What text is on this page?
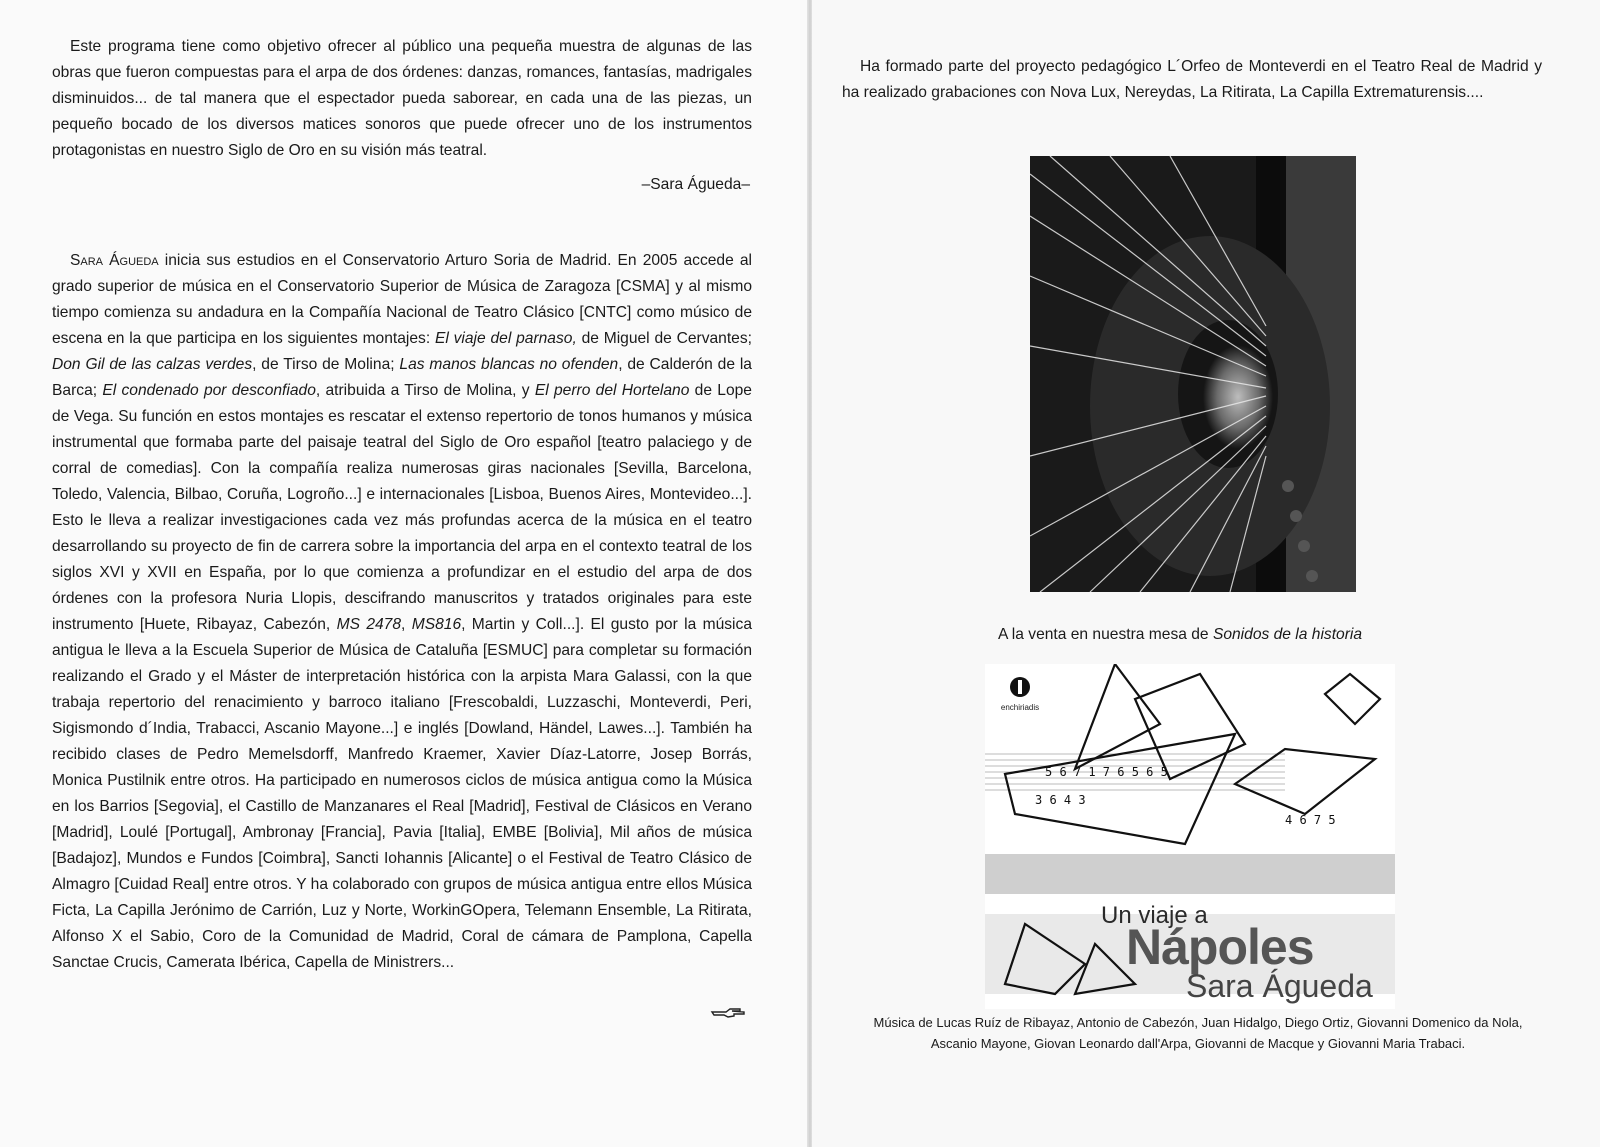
Este programa tiene como objetivo ofrecer al público una pequeña muestra de algunas de las obras que fueron compuestas para el arpa de dos órdenes: danzas, romances, fantasías, madrigales disminuidos... de tal manera que el espectador pueda saborear, en cada una de las piezas, un pequeño bocado de los diversos matices sonoros que puede ofrecer uno de los instrumentos protagonistas en nuestro Siglo de Oro en su visión más teatral.

–Sara Águeda–

Sara Águeda inicia sus estudios en el Conservatorio Arturo Soria de Madrid. En 2005 accede al grado superior de música en el Conservatorio Superior de Música de Zaragoza [CSMA] y al mismo tiempo comienza su andadura en la Compañía Nacional de Teatro Clásico [CNTC] como músico de escena en la que participa en los siguientes montajes: El viaje del parnaso, de Miguel de Cervantes; Don Gil de las calzas verdes, de Tirso de Molina; Las manos blancas no ofenden, de Calderón de la Barca; El condenado por desconfiado, atribuida a Tirso de Molina, y El perro del Hortelano de Lope de Vega. Su función en estos montajes es rescatar el extenso repertorio de tonos humanos y música instrumental que formaba parte del paisaje teatral del Siglo de Oro español [teatro palaciego y de corral de comedias]. Con la compañía realiza numerosas giras nacionales [Sevilla, Barcelona, Toledo, Valencia, Bilbao, Coruña, Logroño...] e internacionales [Lisboa, Buenos Aires, Montevideo...]. Esto le lleva a realizar investigaciones cada vez más profundas acerca de la música en el teatro desarrollando su proyecto de fin de carrera sobre la importancia del arpa en el contexto teatral de los siglos XVI y XVII en España, por lo que comienza a profundizar en el estudio del arpa de dos órdenes con la profesora Nuria Llopis, descifrando manuscritos y tratados originales para este instrumento [Huete, Ribayaz, Cabezón, MS 2478, MS816, Martin y Coll...]. El gusto por la música antigua le lleva a la Escuela Superior de Música de Cataluña [ESMUC] para completar su formación realizando el Grado y el Máster de interpretación histórica con la arpista Mara Galassi, con la que trabaja repertorio del renacimiento y barroco italiano [Frescobaldi, Luzzaschi, Monteverdi, Peri, Sigismondo d´India, Trabacci, Ascanio Mayone...] e inglés [Dowland, Händel, Lawes...]. También ha recibido clases de Pedro Memelsdorff, Manfredo Kraemer, Xavier Díaz-Latorre, Josep Borrás, Monica Pustilnik entre otros. Ha participado en numerosos ciclos de música antigua como la Música en los Barrios [Segovia], el Castillo de Manzanares el Real [Madrid], Festival de Clásicos en Verano [Madrid], Loulé [Portugal], Ambronay [Francia], Pavia [Italia], EMBE [Bolivia], Mil años de música [Badajoz], Mundos e Fundos [Coimbra], Sancti Iohannis [Alicante] o el Festival de Teatro Clásico de Almagro [Cuidad Real] entre otros. Y ha colaborado con grupos de música antigua entre ellos Música Ficta, La Capilla Jerónimo de Carrión, Luz y Norte, WorkinGOpera, Telemann Ensemble, La Ritirata, Alfonso X el Sabio, Coro de la Comunidad de Madrid, Coral de cámara de Pamplona, Capella Sanctae Crucis, Camerata Ibérica, Capella de Ministrers...

Ha formado parte del proyecto pedagógico L´Orfeo de Monteverdi en el Teatro Real de Madrid y ha realizado grabaciones con Nova Lux, Nereydas, La Ritirata, La Capilla Extrematurensis....

A la venta en nuestra mesa de Sonidos de la historia
5 6 7 1 7 6 5 6 5
3 6 4 3
4 6 7 5
enchiriadis
Un viaje a
Nápoles
Sara Águeda
Música de Lucas Ruíz de Ribayaz, Antonio de Cabezón, Juan Hidalgo, Diego Ortiz, Giovanni Domenico da Nola, Ascanio Mayone, Giovan Leonardo dall'Arpa, Giovanni de Macque y Giovanni Maria Trabaci.
